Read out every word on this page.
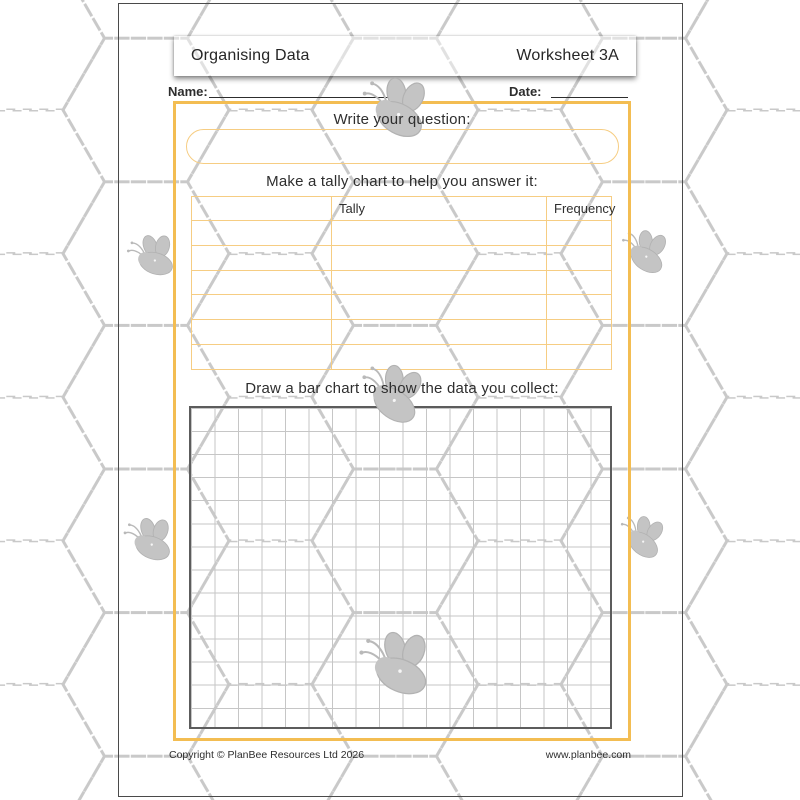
Organising Data	Worksheet 3A
Name:	Date:
Write your question:
Make a tally chart to help you answer it:
	Tally	Frequency

Draw a bar chart to show the data you collect:
Copyright © PlanBee Resources Ltd 2026	www.planbee.com
